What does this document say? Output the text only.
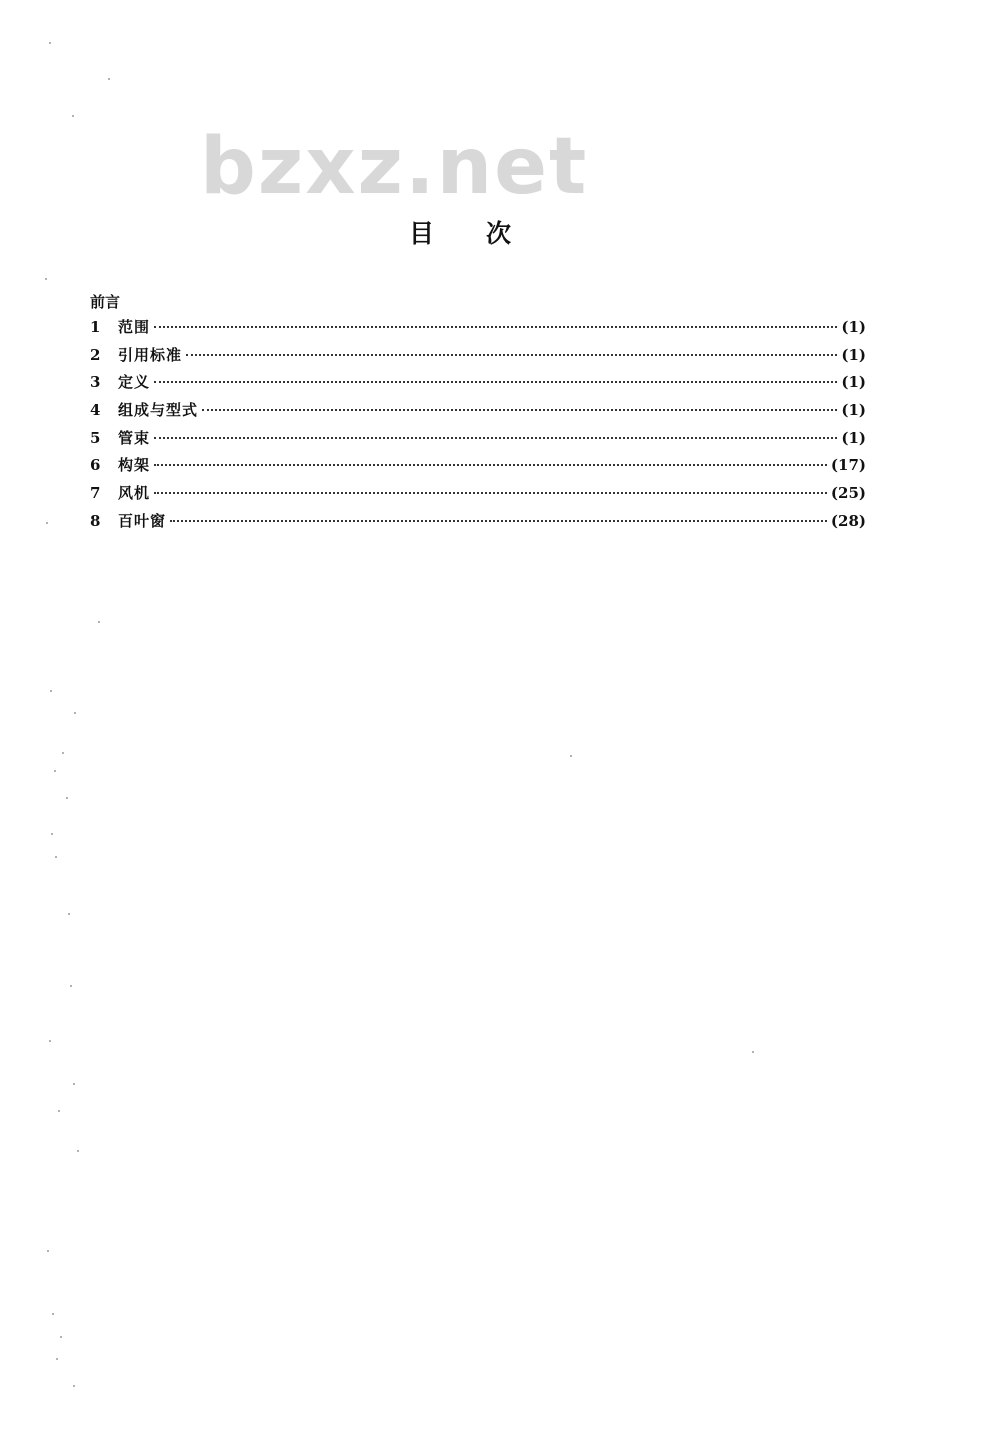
bzxz.net
目 次
前言
1	范围	(1)
2	引用标准	(1)
3	定义	(1)
4	组成与型式	(1)
5	管束	(1)
6	构架	(17)
7	风机	(25)
8	百叶窗	(28)
